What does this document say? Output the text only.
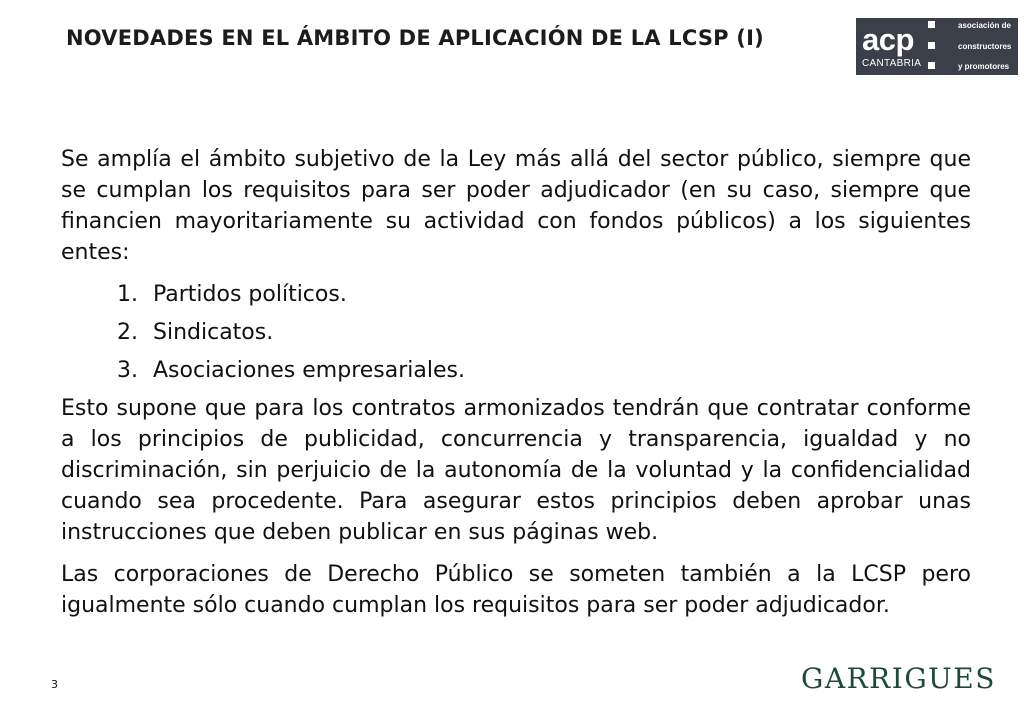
NOVEDADES EN EL ÁMBITO DE APLICACIÓN DE LA LCSP (I)	acp
CANTABRIA
asociación de
constructores
y promotores

Se amplía el ámbito subjetivo de la Ley más allá del sector público, siempre que se cumplan los requisitos para ser poder adjudicador (en su caso, siempre que financien mayoritariamente su actividad con fondos públicos) a los siguientes entes:

1. Partidos políticos.
2. Sindicatos.
3. Asociaciones empresariales.

Esto supone que para los contratos armonizados tendrán que contratar conforme a los principios de publicidad, concurrencia y transparencia, igualdad y no discriminación, sin perjuicio de la autonomía de la voluntad y la confidencialidad cuando sea procedente. Para asegurar estos principios deben aprobar unas instrucciones que deben publicar en sus páginas web.

Las corporaciones de Derecho Público se someten también a la LCSP pero igualmente sólo cuando cumplan los requisitos para ser poder adjudicador.

3	GARRIGUES
